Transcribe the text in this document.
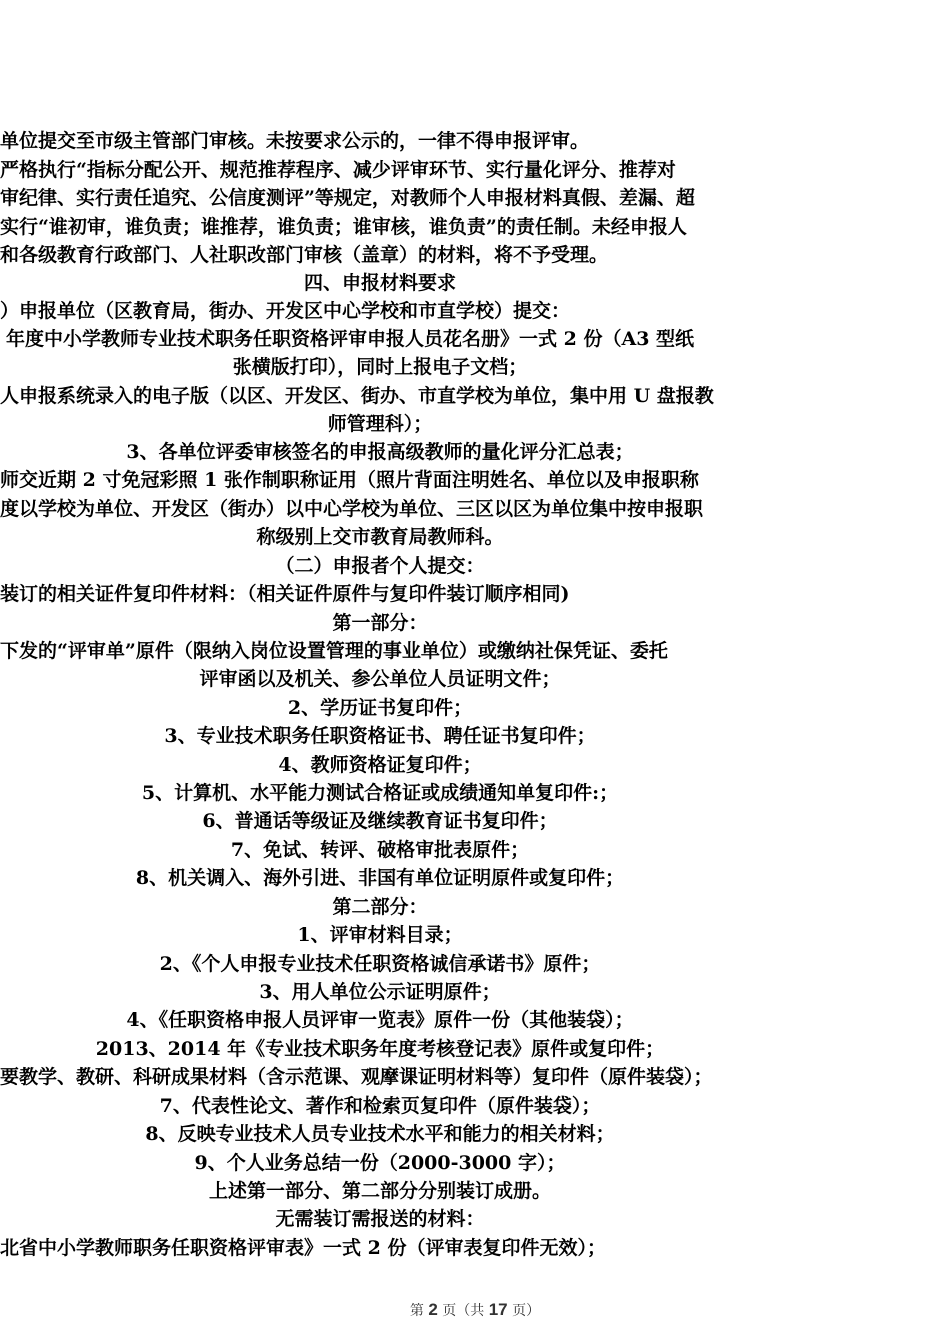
单位提交至市级主管部门审核。未按要求公示的，一律不得申报评审。
严格执行“指标分配公开、规范推荐程序、减少评审环节、实行量化评分、推荐对
审纪律、实行责任追究、公信度测评”等规定，对教师个人申报材料真假、差漏、超
实行“谁初审，谁负责；谁推荐，谁负责；谁审核，谁负责”的责任制。未经申报人
和各级教育行政部门、人社职改部门审核（盖章）的材料，将不予受理。
四、申报材料要求
）申报单位（区教育局，街办、开发区中心学校和市直学校）提交：
年度中小学教师专业技术职务任职资格评审申报人员花名册》一式 2 份（A3 型纸
张横版打印），同时上报电子文档；
人申报系统录入的电子版（以区、开发区、街办、市直学校为单位，集中用 U 盘报教
师管理科）；
3、各单位评委审核签名的申报高级教师的量化评分汇总表；
师交近期 2 寸免冠彩照 1 张作制职称证用（照片背面注明姓名、单位以及申报职称
度以学校为单位、开发区（街办）以中心学校为单位、三区以区为单位集中按申报职
称级别上交市教育局教师科。
（二）申报者个人提交：
装订的相关证件复印件材料：（相关证件原件与复印件装订顺序相同)
第一部分：
下发的“评审单”原件（限纳入岗位设置管理的事业单位）或缴纳社保凭证、委托
评审函以及机关、参公单位人员证明文件；
2、学历证书复印件；
3、专业技术职务任职资格证书、聘任证书复印件；
4、教师资格证复印件；
5、计算机、水平能力测试合格证或成绩通知单复印件:；
6、普通话等级证及继续教育证书复印件；
7、免试、转评、破格审批表原件；
8、机关调入、海外引进、非国有单位证明原件或复印件；
第二部分：
1、评审材料目录；
2、《个人申报专业技术任职资格诚信承诺书》原件；
3、用人单位公示证明原件；
4、《任职资格申报人员评审一览表》原件一份（其他装袋）；
2013、2014 年《专业技术职务年度考核登记表》原件或复印件；
要教学、教研、科研成果材料（含示范课、观摩课证明材料等）复印件（原件装袋）；
7、代表性论文、著作和检索页复印件（原件装袋）；
8、反映专业技术人员专业技术水平和能力的相关材料；
9、个人业务总结一份（2000-3000 字）；
上述第一部分、第二部分分别装订成册。
无需装订需报送的材料：
北省中小学教师职务任职资格评审表》一式 2 份（评审表复印件无效）；
第 2 页（共 17 页）
